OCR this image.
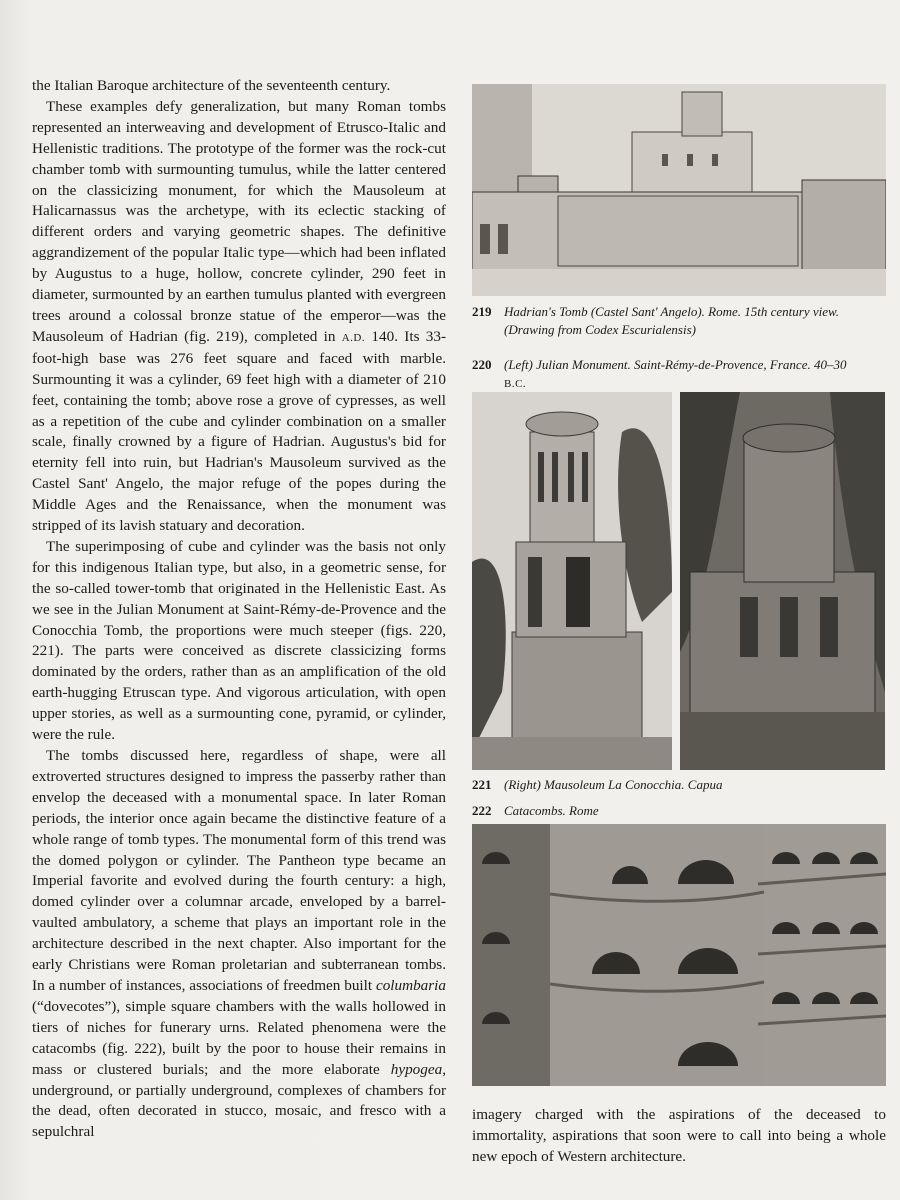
the Italian Baroque architecture of the seventeenth century.

These examples defy generalization, but many Roman tombs represented an interweaving and development of Etrusco-Italic and Hellenistic traditions. The prototype of the former was the rock-cut chamber tomb with surmounting tumulus, while the latter centered on the classicizing monument, for which the Mausoleum at Halicarnassus was the archetype, with its eclectic stacking of different orders and varying geometric shapes. The definitive aggrandizement of the popular Italic type—which had been inflated by Augustus to a huge, hollow, concrete cylinder, 290 feet in diameter, surmounted by an earthen tumulus planted with evergreen trees around a colossal bronze statue of the emperor—was the Mausoleum of Hadrian (fig. 219), completed in A.D. 140. Its 33-foot-high base was 276 feet square and faced with marble. Surmounting it was a cylinder, 69 feet high with a diameter of 210 feet, containing the tomb; above rose a grove of cypresses, as well as a repetition of the cube and cylinder combination on a smaller scale, finally crowned by a figure of Hadrian. Augustus's bid for eternity fell into ruin, but Hadrian's Mausoleum survived as the Castel Sant' Angelo, the major refuge of the popes during the Middle Ages and the Renaissance, when the monument was stripped of its lavish statuary and decoration.

The superimposing of cube and cylinder was the basis not only for this indigenous Italian type, but also, in a geometric sense, for the so-called tower-tomb that originated in the Hellenistic East. As we see in the Julian Monument at Saint-Rémy-de-Provence and the Conocchia Tomb, the proportions were much steeper (figs. 220, 221). The parts were conceived as discrete classicizing forms dominated by the orders, rather than as an amplification of the old earth-hugging Etruscan type. And vigorous articulation, with open upper stories, as well as a surmounting cone, pyramid, or cylinder, were the rule.

The tombs discussed here, regardless of shape, were all extroverted structures designed to impress the passerby rather than envelop the deceased with a monumental space. In later Roman periods, the interior once again became the distinctive feature of a whole range of tomb types. The monumental form of this trend was the domed polygon or cylinder. The Pantheon type became an Imperial favorite and evolved during the fourth century: a high, domed cylinder over a columnar arcade, enveloped by a barrel-vaulted ambulatory, a scheme that plays an important role in the architecture described in the next chapter. Also important for the early Christians were Roman proletarian and subterranean tombs. In a number of instances, associations of freedmen built columbaria (“dovecotes”), simple square chambers with the walls hollowed in tiers of niches for funerary urns. Related phenomena were the catacombs (fig. 222), built by the poor to house their remains in mass or clustered burials; and the more elaborate hypogea, underground, or partially underground, complexes of chambers for the dead, often decorated in stucco, mosaic, and fresco with a sepulchral

219 Hadrian's Tomb (Castel Sant' Angelo). Rome. 15th century view. (Drawing from Codex Escurialensis)
220 (Left) Julian Monument. Saint-Rémy-de-Provence, France. 40–30 B.C.
221 (Right) Mausoleum La Conocchia. Capua
222 Catacombs. Rome
imagery charged with the aspirations of the deceased to immortality, aspirations that soon were to call into being a whole new epoch of Western architecture.
